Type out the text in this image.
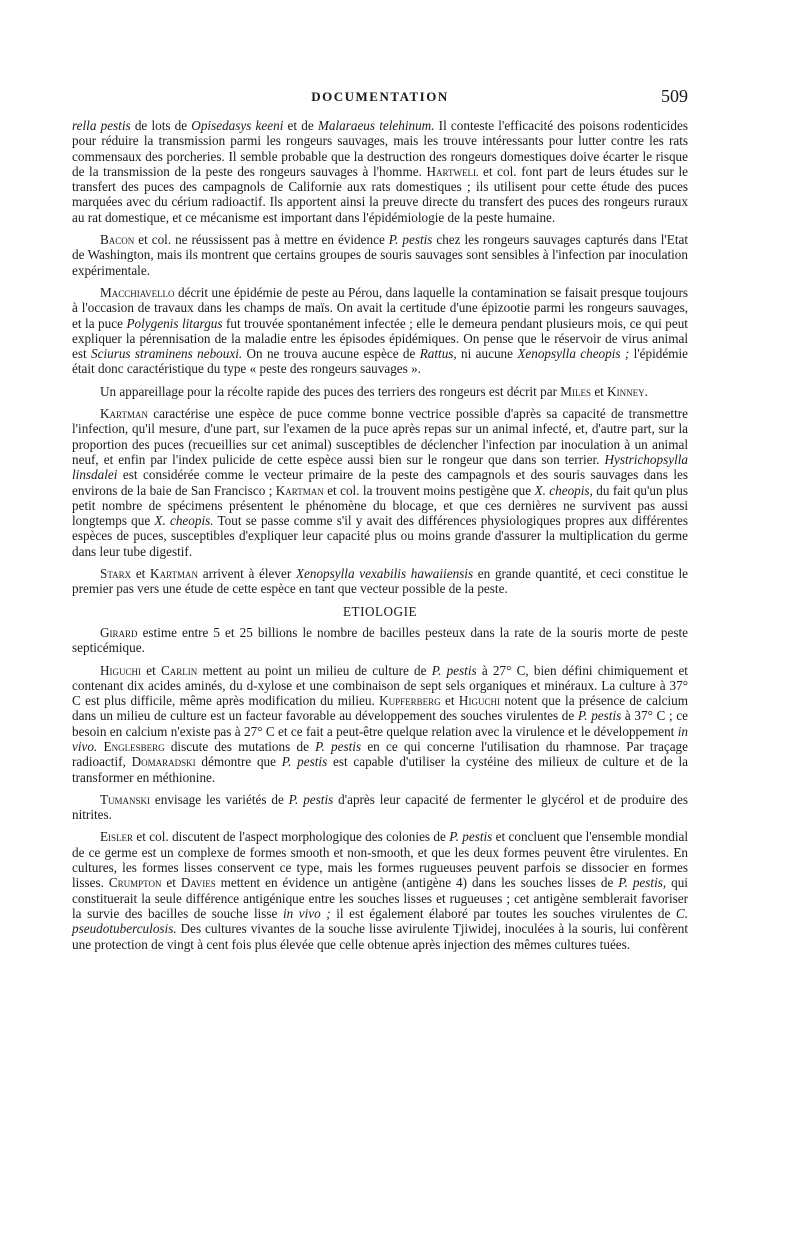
DOCUMENTATION	509

rella pestis de lots de Opisedasys keeni et de Malaraeus telehinum. Il conteste l'efficacité des poisons rodenticides pour réduire la transmission parmi les rongeurs sauvages, mais les trouve intéressants pour lutter contre les rats commensaux des porcheries. Il semble probable que la destruction des rongeurs domestiques doive écarter le risque de la transmission de la peste des rongeurs sauvages à l'homme. Hartwell et col. font part de leurs études sur le transfert des puces des campagnols de Californie aux rats domestiques ; ils utilisent pour cette étude des puces marquées avec du cérium radioactif. Ils apportent ainsi la preuve directe du transfert des puces des rongeurs ruraux au rat domestique, et ce mécanisme est important dans l'épidémiologie de la peste humaine.

Bacon et col. ne réussissent pas à mettre en évidence P. pestis chez les rongeurs sauvages capturés dans l'Etat de Washington, mais ils montrent que certains groupes de souris sauvages sont sensibles à l'infection par inoculation expérimentale.

Macchiavello décrit une épidémie de peste au Pérou, dans laquelle la contamination se faisait presque toujours à l'occasion de travaux dans les champs de maïs. On avait la certitude d'une épizootie parmi les rongeurs sauvages, et la puce Polygenis litargus fut trouvée spontanément infectée ; elle le demeura pendant plusieurs mois, ce qui peut expliquer la pérennisation de la maladie entre les épisodes épidémiques. On pense que le réservoir de virus animal est Sciurus straminens nebouxi. On ne trouva aucune espèce de Rattus, ni aucune Xenopsylla cheopis ; l'épidémie était donc caractéristique du type « peste des rongeurs sauvages ».

Un appareillage pour la récolte rapide des puces des terriers des rongeurs est décrit par Miles et Kinney.

Kartman caractérise une espèce de puce comme bonne vectrice possible d'après sa capacité de transmettre l'infection, qu'il mesure, d'une part, sur l'examen de la puce après repas sur un animal infecté, et, d'autre part, sur la proportion des puces (recueillies sur cet animal) susceptibles de déclencher l'infection par inoculation à un animal neuf, et enfin par l'index pulicide de cette espèce aussi bien sur le rongeur que dans son terrier. Hystrichopsylla linsdalei est considérée comme le vecteur primaire de la peste des campagnols et des souris sauvages dans les environs de la baie de San Francisco ; Kartman et col. la trouvent moins pestigène que X. cheopis, du fait qu'un plus petit nombre de spécimens présentent le phénomène du blocage, et que ces dernières ne survivent pas aussi longtemps que X. cheopis. Tout se passe comme s'il y avait des différences physiologiques propres aux différentes espèces de puces, susceptibles d'expliquer leur capacité plus ou moins grande d'assurer la multiplication du germe dans leur tube digestif.

Starx et Kartman arrivent à élever Xenopsylla vexabilis hawaiiensis en grande quantité, et ceci constitue le premier pas vers une étude de cette espèce en tant que vecteur possible de la peste.

ETIOLOGIE

Girard estime entre 5 et 25 billions le nombre de bacilles pesteux dans la rate de la souris morte de peste septicémique.

Higuchi et Carlin mettent au point un milieu de culture de P. pestis à 27° C, bien défini chimiquement et contenant dix acides aminés, du d-xylose et une combinaison de sept sels organiques et minéraux. La culture à 37° C est plus difficile, même après modification du milieu. Kupferberg et Higuchi notent que la présence de calcium dans un milieu de culture est un facteur favorable au développement des souches virulentes de P. pestis à 37° C ; ce besoin en calcium n'existe pas à 27° C et ce fait a peut-être quelque relation avec la virulence et le développement in vivo. Englesberg discute des mutations de P. pestis en ce qui concerne l'utilisation du rhamnose. Par traçage radioactif, Domaradski démontre que P. pestis est capable d'utiliser la cystéine des milieux de culture et de la transformer en méthionine.

Tumanski envisage les variétés de P. pestis d'après leur capacité de fermenter le glycérol et de produire des nitrites.

Eisler et col. discutent de l'aspect morphologique des colonies de P. pestis et concluent que l'ensemble mondial de ce germe est un complexe de formes smooth et non-smooth, et que les deux formes peuvent être virulentes. En cultures, les formes lisses conservent ce type, mais les formes rugueuses peuvent parfois se dissocier en formes lisses. Crumpton et Davies mettent en évidence un antigène (antigène 4) dans les souches lisses de P. pestis, qui constituerait la seule différence antigénique entre les souches lisses et rugueuses ; cet antigène semblerait favoriser la survie des bacilles de souche lisse in vivo ; il est également élaboré par toutes les souches virulentes de C. pseudotuberculosis. Des cultures vivantes de la souche lisse avirulente Tjiwidej, inoculées à la souris, lui confèrent une protection de vingt à cent fois plus élevée que celle obtenue après injection des mêmes cultures tuées.
